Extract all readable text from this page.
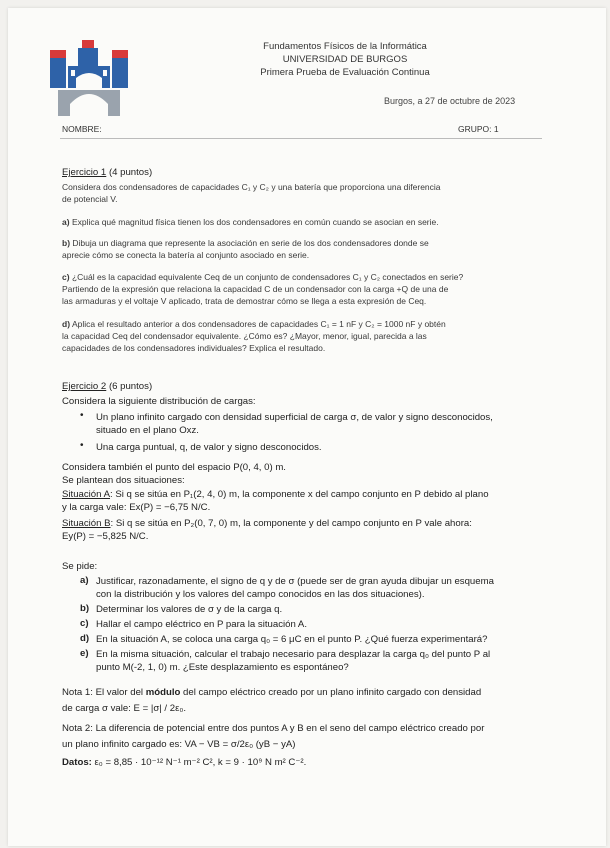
Fundamentos Físicos de la Informática
UNIVERSIDAD DE BURGOS
Primera Prueba de Evaluación Continua
Burgos, a 27 de octubre de 2023
NOMBRE:	GRUPO: 1
Ejercicio 1 (4 puntos)
Considera dos condensadores de capacidades C₁ y C₂ y una batería que proporciona una diferencia
de potencial V.
a) Explica qué magnitud física tienen los dos condensadores en común cuando se asocian en serie.
b) Dibuja un diagrama que represente la asociación en serie de los dos condensadores donde se
aprecie cómo se conecta la batería al conjunto asociado en serie.
c) ¿Cuál es la capacidad equivalente Ceq de un conjunto de condensadores C₁ y C₂ conectados en serie?
Partiendo de la expresión que relaciona la capacidad C de un condensador con la carga +Q de una de
las armaduras y el voltaje V aplicado, trata de demostrar cómo se llega a esta expresión de Ceq.
d) Aplica el resultado anterior a dos condensadores de capacidades C₁ = 1 nF y C₂ = 1000 nF y obtén
la capacidad Ceq del condensador equivalente. ¿Cómo es? ¿Mayor, menor, igual, parecida a las
capacidades de los condensadores individuales? Explica el resultado.
Ejercicio 2 (6 puntos)
Considera la siguiente distribución de cargas:
• Un plano infinito cargado con densidad superficial de carga σ, de valor y signo desconocidos,
situado en el plano Oxz.
• Una carga puntual, q, de valor y signo desconocidos.
Considera también el punto del espacio P(0, 4, 0) m.
Se plantean dos situaciones:
Situación A: Si q se sitúa en P₁(2, 4, 0) m, la componente x del campo conjunto en P debido al plano
y la carga vale: Ex(P) = −6,75 N/C.
Situación B: Si q se sitúa en P₂(0, 7, 0) m, la componente y del campo conjunto en P vale ahora:
Ey(P) = −5,825 N/C.
Se pide:
a) Justificar, razonadamente, el signo de q y de σ (puede ser de gran ayuda dibujar un esquema
con la distribución y los valores del campo conocidos en las dos situaciones).
b) Determinar los valores de σ y de la carga q.
c) Hallar el campo eléctrico en P para la situación A.
d) En la situación A, se coloca una carga q₀ = 6 μC en el punto P. ¿Qué fuerza experimentará?
e) En la misma situación, calcular el trabajo necesario para desplazar la carga q₀ del punto P al
punto M(-2, 1, 0) m. ¿Este desplazamiento es espontáneo?
Nota 1: El valor del módulo del campo eléctrico creado por un plano infinito cargado con densidad
de carga σ vale: E = |σ| / 2ε₀.
Nota 2: La diferencia de potencial entre dos puntos A y B en el seno del campo eléctrico creado por
un plano infinito cargado es: VA − VB = σ/2ε₀ (yB − yA)
Datos: ε₀ = 8,85 · 10⁻¹² N⁻¹ m⁻² C², k = 9 · 10⁹ N m² C⁻².
